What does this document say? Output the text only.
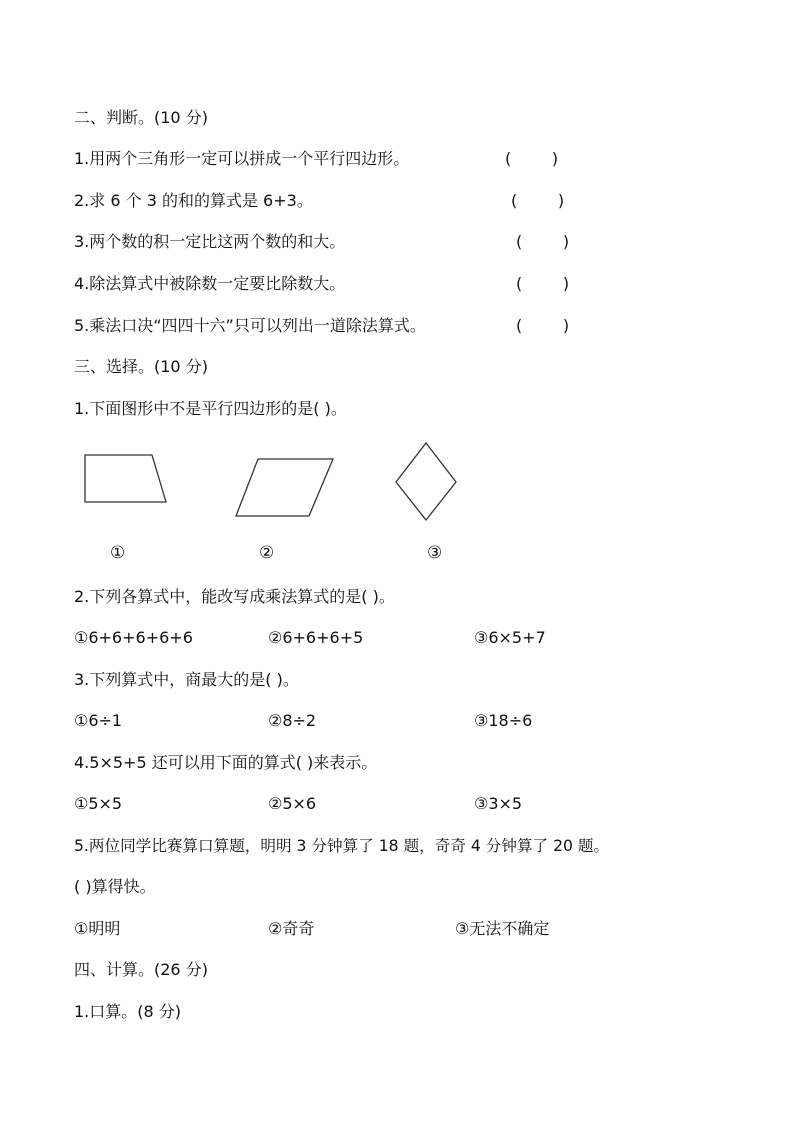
二、判断。(10 分)
1.用两个三角形一定可以拼成一个平行四边形。	(        )
2.求 6 个 3 的和的算式是 6+3。	(        )
3.两个数的积一定比这两个数的和大。	(        )
4.除法算式中被除数一定要比除数大。	(        )
5.乘法口决“四四十六”只可以列出一道除法算式。	(        )
三、选择。(10 分)
1.下面图形中不是平行四边形的是( )。
①	②	③
2.下列各算式中，能改写成乘法算式的是( )。
①6+6+6+6+6	②6+6+6+5	③6×5+7
3.下列算式中，商最大的是( )。
①6÷1	②8÷2	③18÷6
4.5×5+5 还可以用下面的算式( )来表示。
①5×5	②5×6	③3×5
5.两位同学比赛算口算题，明明 3 分钟算了 18 题，奇奇 4 分钟算了 20 题。
( )算得快。
①明明	②奇奇	③无法不确定
四、计算。(26 分)
1.口算。(8 分)
